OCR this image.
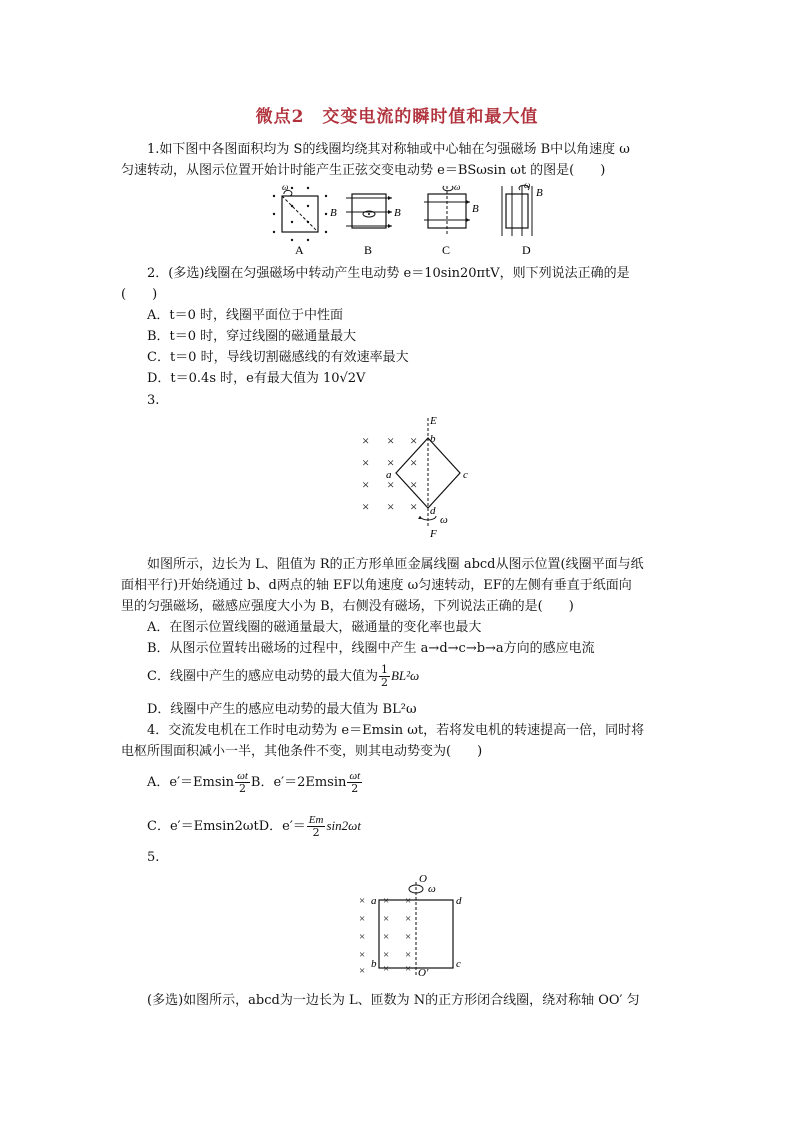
微点2　交变电流的瞬时值和最大值
1.如下图中各图面积均为 S的线圈均绕其对称轴或中心轴在匀强磁场 B中以角速度 ω
匀速转动，从图示位置开始计时能产生正弦交变电动势 e＝BSωsin ωt 的图是(　　)
ω
B
A
B
B
ω
B
C
ω
B
D
2．(多选)线圈在匀强磁场中转动产生电动势 e＝10sin20πtV，则下列说法正确的是
(　　)
A．t＝0 时，线圈平面位于中性面
B．t＝0 时，穿过线圈的磁通量最大
C．t＝0 时，导线切割磁感线的有效速率最大
D．t＝0.4s 时，e有最大值为 10√2V
3.
× × ×
× × ×
× × ×
× × ×
E
b
a	c
d
ω
F
如图所示，边长为 L、阻值为 R的正方形单匝金属线圈 abcd从图示位置(线圈平面与纸
面相平行)开始绕通过 b、d两点的轴 EF以角速度 ω匀速转动，EF的左侧有垂直于纸面向
里的匀强磁场，磁感应强度大小为 B，右侧没有磁场，下列说法正确的是(　　)
A．在图示位置线圈的磁通量最大，磁通量的变化率也最大
B．从图示位置转出磁场的过程中，线圈中产生 a→d→c→b→a方向的感应电流
C．线圈中产生的感应电动势的最大值为 $\frac{1}{2} BL^2\omega$
D．线圈中产生的感应电动势的最大值为 BL²ω
4．交流发电机在工作时电动势为 e＝Emsin ωt，若将发电机的转速提高一倍，同时将
电枢所围面积减小一半，其他条件不变，则其电动势变为(　　)
A．$e'=Emsin \frac{\omega t}{2}$ B．$e'=2Emsin \frac{\omega t}{2}$
C．e′＝Emsin2ωtD．$e'= \frac{Em}{2} \sin 2\omega t$
5.
×
×
×
×
×
×
×
×
×
×
×
×
×
×
×
O
ω
a	d
b	c
O′
(多选)如图所示，abcd为一边长为 L、匝数为 N的正方形闭合线圈，绕对称轴 OO′ 匀
